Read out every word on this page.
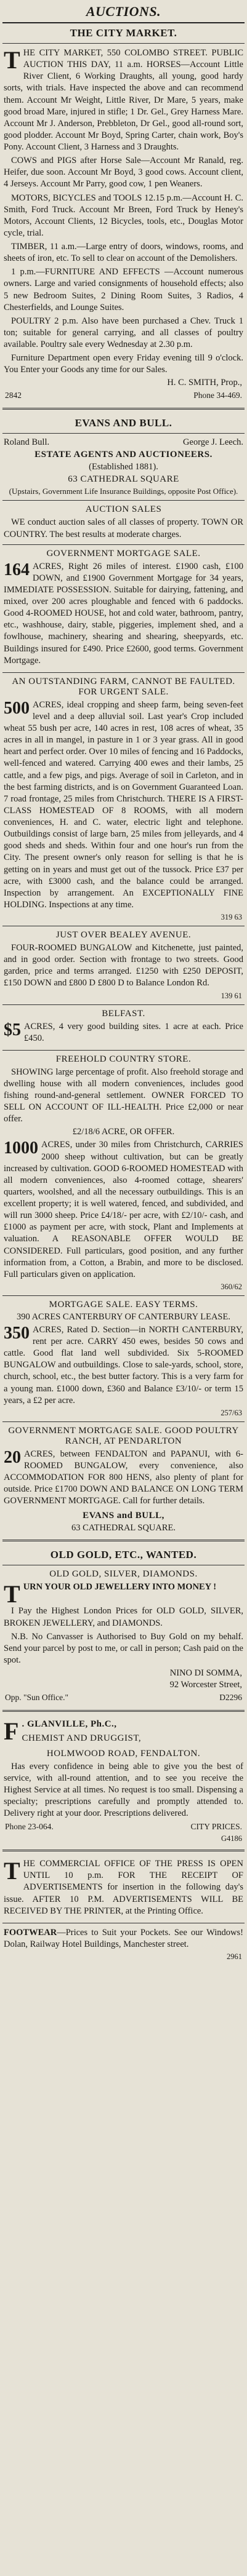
AUCTIONS.
THE CITY MARKET.
T HE CITY MARKET, 550 COLOMBO STREET. PUBLIC AUCTION THIS DAY, 11 a.m. HORSES—Account Little River Client, 6 Working Draughts, all young, good hardy sorts, with trials. Have inspected the above and can recommend them. Account Mr Weight, Little River, Dr Mare, 5 years, make good broad Mare, injured in stifle; 1 Dr. Gel., Grey Harness Mare. Account Mr J. Anderson, Prebbleton, Dr Gel., good all-round sort, good plodder. Account Mr Boyd, Spring Carter, chain work, Boy's Pony. Account Client, 3 Harness and 3 Draughts.

COWS and PIGS after Horse Sale—Account Mr Ranald, reg. Heifer, due soon. Account Mr Boyd, 3 good cows. Account client, 4 Jerseys. Account Mr Parry, good cow, 1 pen Weaners.

MOTORS, BICYCLES and TOOLS 12.15 p.m.—Account H. C. Smith, Ford Truck. Account Mr Breen, Ford Truck by Heney's Motors, Account Clients, 12 Bicycles, tools, etc., Douglas Motor cycle, trial.

TIMBER, 11 a.m.—Large entry of doors, windows, rooms, and sheets of iron, etc. To sell to clear on account of the Demolishers.

1 p.m.—FURNITURE AND EFFECTS —Account numerous owners. Large and varied consignments of household effects; also 5 new Bedroom Suites, 2 Dining Room Suites, 3 Radios, 4 Chesterfields, and Lounge Suites.

POULTRY 2 p.m. Also have been purchased a Chev. Truck 1 ton; suitable for general carrying, and all classes of poultry available. Poultry sale every Wednesday at 2.30 p.m.

Furniture Department open every Friday evening till 9 o'clock. You Enter your Goods any time for our Sales.

H. C. SMITH, Prop.,
2842	Phone 34-469.
EVANS AND BULL.
Roland Bull.	George J. Leech.
ESTATE AGENTS AND AUCTIONEERS.
(Established 1881).
63 CATHEDRAL SQUARE
(Upstairs, Government Life Insurance Buildings, opposite Post Office).
AUCTION SALES

WE conduct auction sales of all classes of property. TOWN OR COUNTRY. The best results at moderate charges.

GOVERNMENT MORTGAGE SALE.
164 ACRES, Right 26 miles of interest. £1900 cash, £100 DOWN, and £1900 Government Mortgage for 34 years, IMMEDIATE POSSESSION. Suitable for dairying, fattening, and mixed, over 200 acres ploughable and fenced with 6 paddocks. Good 4-ROOMED HOUSE, hot and cold water, bathroom, pantry, etc., washhouse, dairy, stable, piggeries, implement shed, and a fowlhouse, machinery, shearing and shearing, sheepyards, etc. Buildings insured for £490. Price £2600, good terms. Government Mortgage.

AN OUTSTANDING FARM, CANNOT BE FAULTED. FOR URGENT SALE.
500 ACRES, ideal cropping and sheep farm, being seven-feet level and a deep alluvial soil. Last year's Crop included wheat 55 bush per acre, 140 acres in rest, 108 acres of wheat, 35 acres in all in mangel, in pasture in 1 or 3 year grass. All in good heart and perfect order. Over 10 miles of fencing and 16 Paddocks, well-fenced and watered. Carrying 400 ewes and their lambs, 25 cattle, and a few pigs, and pigs. Average of soil in Carleton, and in the best farming districts, and is on Government Guaranteed Loan. 7 road frontage, 25 miles from Christchurch. THERE IS A FIRST-CLASS HOMESTEAD OF 8 ROOMS, with all modern conveniences, H. and C. water, electric light and telephone. Outbuildings consist of large barn, 25 miles from jelleyards, and 4 good sheds and sheds. Within four and one hour's run from the City. The present owner's only reason for selling is that he is getting on in years and must get out of the tussock. Price £37 per acre, with £3000 cash, and the balance could be arranged. Inspection by arrangement. An EXCEPTIONALLY FINE HOLDING. Inspections at any time.

319 63
JUST OVER BEALEY AVENUE.

FOUR-ROOMED BUNGALOW and Kitchenette, just painted, and in good order. Section with frontage to two streets. Good garden, price and terms arranged. £1250 with £250 DEPOSIT, £150 DOWN and £800 D £800 D to Balance London Rd.

139 61
BELFAST.
$5 ACRES, 4 very good building sites. 1 acre at each. Price £450.

FREEHOLD COUNTRY STORE.

SHOWING large percentage of profit. Also freehold storage and dwelling house with all modern conveniences, includes good fishing round-and-general settlement. OWNER FORCED TO SELL ON ACCOUNT OF ILL-HEALTH. Price £2,000 or near offer.

£2/18/6 ACRE, OR OFFER.
1000 ACRES, under 30 miles from Christchurch, CARRIES 2000 sheep without cultivation, but can be greatly increased by cultivation. GOOD 6-ROOMED HOMESTEAD with all modern conveniences, also 4-roomed cottage, shearers' quarters, woolshed, and all the necessary outbuildings. This is an excellent property; it is well watered, fenced, and subdivided, and will run 3000 sheep. Price £4/18/- per acre, with £2/10/- cash, and £1000 as payment per acre, with stock, Plant and Implements at valuation. A REASONABLE OFFER WOULD BE CONSIDERED. Full particulars, good position, and any further information from, a Cotton, a Brabin, and more to be disclosed. Full particulars given on application.

360/62
MORTGAGE SALE. EASY TERMS.
390 ACRES CANTERBURY OF CANTERBURY LEASE.
350 ACRES, Rated D. Section—in NORTH CANTERBURY, rent per acre. CARRY 450 ewes, besides 50 cows and cattle. Good flat land well subdivided. Six 5-ROOMED BUNGALOW and outbuildings. Close to sale-yards, school, store, church, school, etc., the best butter factory. This is a very farm for a young man. £1000 down, £360 and Balance £3/10/- or term 15 years, a £2 per acre.

257/63
GOVERNMENT MORTGAGE SALE. GOOD POULTRY RANCH, AT PENDARLTON
20 ACRES, between FENDALTON and PAPANUI, with 6-ROOMED BUNGALOW, every convenience, also ACCOMMODATION FOR 800 HENS, also plenty of plant for outside. Price £1700 DOWN AND BALANCE ON LONG TERM GOVERNMENT MORTGAGE. Call for further details.

EVANS and BULL,
63 CATHEDRAL SQUARE.
OLD GOLD, ETC., WANTED.
OLD GOLD, SILVER, DIAMONDS.
T URN YOUR OLD JEWELLERY INTO MONEY !

I Pay the Highest London Prices for OLD GOLD, SILVER, BROKEN JEWELLERY, and DIAMONDS.

N.B. No Canvasser is Authorised to Buy Gold on my behalf. Send your parcel by post to me, or call in person; Cash paid on the spot.

NINO DI SOMMA,
92 Worcester Street,
Opp. "Sun Office."	D2296
F . GLANVILLE, Ph.C.,
CHEMIST AND DRUGGIST,
HOLMWOOD ROAD, FENDALTON.

Has every confidence in being able to give you the best of service, with all-round attention, and to see you receive the Highest Service at all times. No request is too small. Dispensing a specialty; prescriptions carefully and promptly attended to. Delivery right at your door. Prescriptions delivered.

Phone 23-064.	CITY PRICES.
G4186
T HE COMMERCIAL OFFICE OF THE PRESS IS OPEN UNTIL 10 p.m. FOR THE RECEIPT OF ADVERTISEMENTS for insertion in the following day's issue. AFTER 10 P.M. ADVERTISEMENTS WILL BE RECEIVED BY THE PRINTER, at the Printing Office.

FOOTWEAR—Prices to Suit your Pockets. See our Windows! Dolan, Railway Hotel Buildings, Manchester street.

2961
